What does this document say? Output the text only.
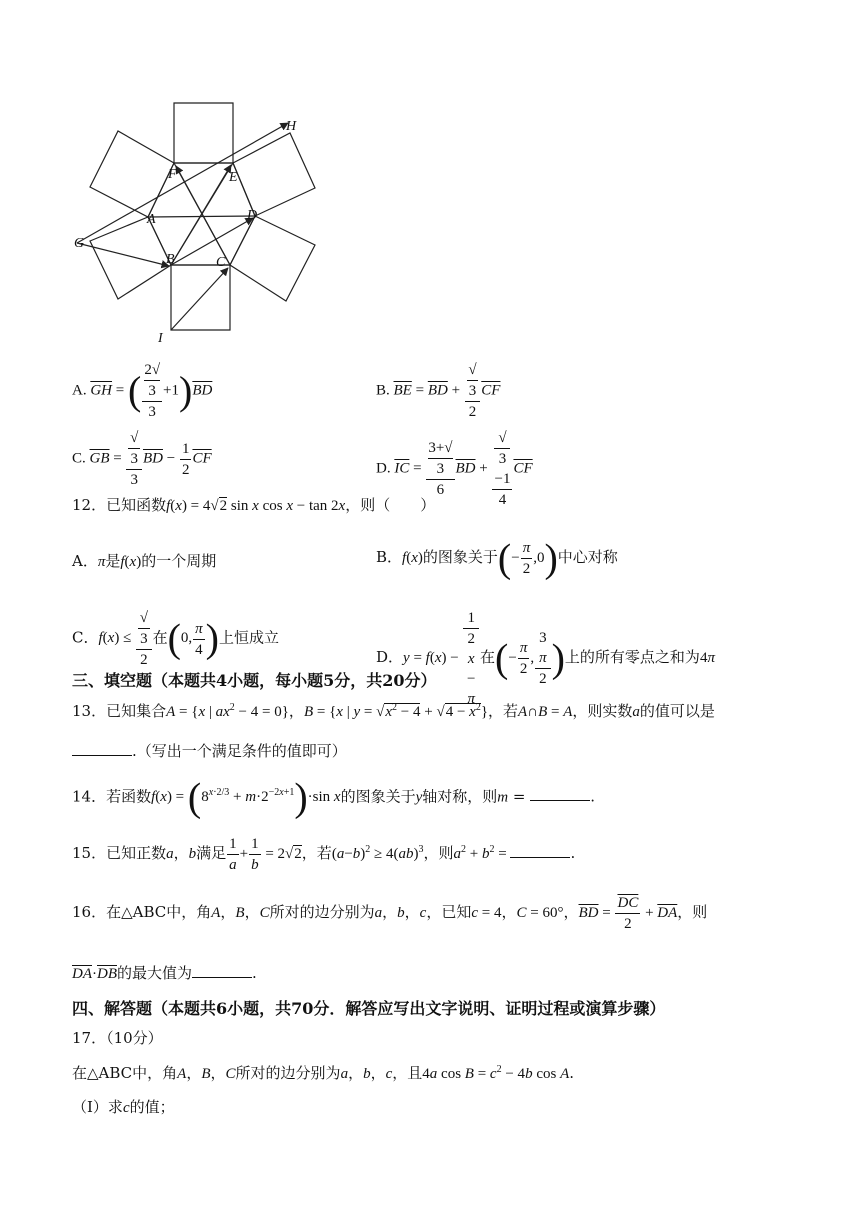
H
F	E
A	D
G
B	C
I
A. $\overline{GH}$ = ( 2√
3
$3 +1)\overline{BD}$	B. $\overline{BE} = \overline{BD}$ + √
3
2 $\overline{CF}$
C. $\overline{GB}$ = √
3
3 $\overline{BD} - \frac{1}{2} \overline{CF}$
D. $\overline{IC} = 3+√$
3
6 $\overline{BD}$ + √
3
−1
4 $\overline{CF}$
12．已知函数f(x) = 4√2 sin x cos x − tan 2x，则（　　）
A．π是f(x)的一个周期	B．f(x)的图象关于(− $\frac{\pi}{2} ,0$)中心对称
C．f(x) ≤ √
3
2 在(0, $\frac{\pi}{4}$ )上恒成立
D．y = f(x) − 1
2
x
−
π 在(− $\frac{\pi}{2}$ , 3
π
2 )上的所有零点之和为4π
三、填空题（本题共4小题，每小题5分，共20分）
13．已知集合A = {x | $ax^2 - 4 = 0$}，B = {x | $y = √x^2 - 4 + √4 - x^2$}，若A∩B = A，则实数a的值可以是
.（写出一个满足条件的值即可）
14．若函数$f(x) = (8^{x\cdot 2/3} + m\cdot 2^{-2x+1})\cdot\sin$ x的图象关于y轴对称，则m =	.
15．已知正数a，b满足 $\frac{1}{a} + \frac{1}{b} = 2√2$，若$(a-b)^2 \ge 4(ab)^3$，则$a^2 + b^2$ =	.
16．在△ABC中，角A，B，C所对的边分别为a，b，c，已知c = 4，C = 60°，$\overline{BD} = \frac{\overline{DC}}{2} + \overline{DA}$，则
$\overline{DA}\cdot\overline{DB}$的最大值为	.
四、解答题（本题共6小题，共70分．解答应写出文字说明、证明过程或演算步骤）
17．（10分）
在△ABC中，角A，B，C所对的边分别为a，b，c，且4a $\cos B = c^2 - 4b$ cos A.
（Ⅰ）求c的值；
